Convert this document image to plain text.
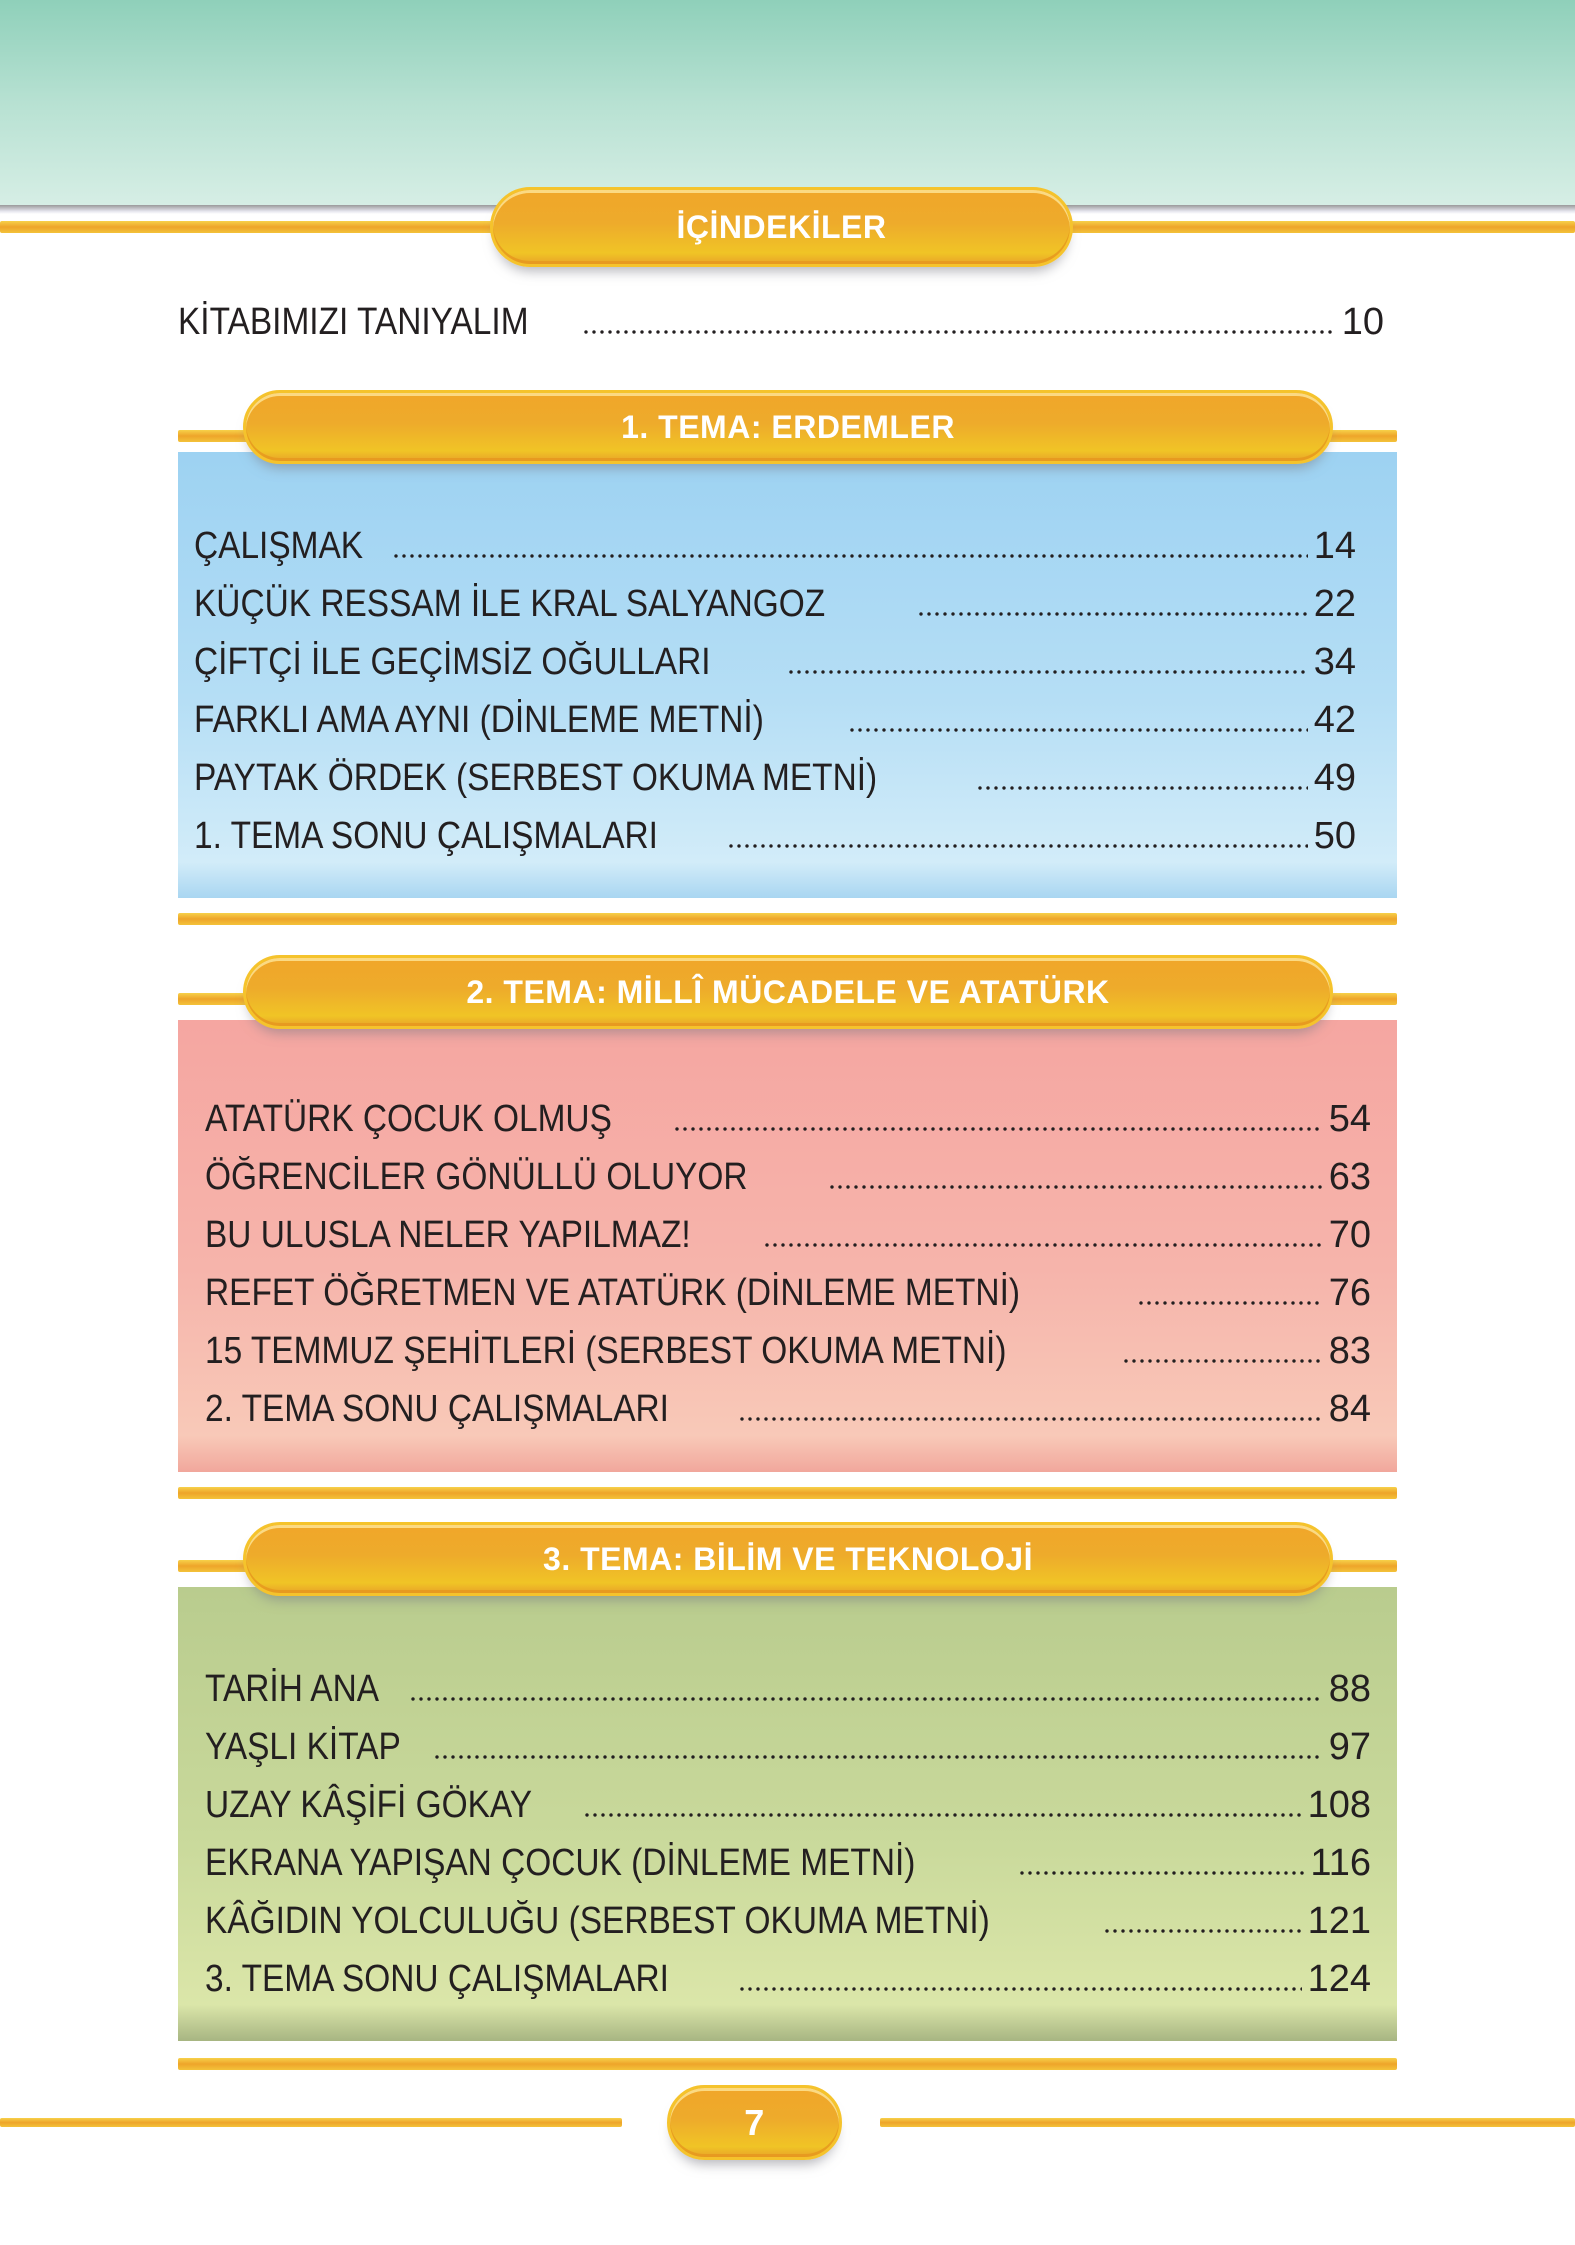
İÇİNDEKİLER
KİTABIMIZI TANIYALIM	10
1. TEMA: ERDEMLER
ÇALIŞMAK	14
KÜÇÜK RESSAM İLE KRAL SALYANGOZ	22
ÇİFTÇİ İLE GEÇİMSİZ OĞULLARI	34
FARKLI AMA AYNI (DİNLEME METNİ)	42
PAYTAK ÖRDEK (SERBEST OKUMA METNİ)	49
1. TEMA SONU ÇALIŞMALARI	50
2. TEMA: MİLLÎ MÜCADELE VE ATATÜRK
ATATÜRK ÇOCUK OLMUŞ	54
ÖĞRENCİLER GÖNÜLLÜ OLUYOR	63
BU ULUSLA NELER YAPILMAZ!	70
REFET ÖĞRETMEN VE ATATÜRK (DİNLEME METNİ)	76
15 TEMMUZ ŞEHİTLERİ (SERBEST OKUMA METNİ)	83
2. TEMA SONU ÇALIŞMALARI	84
3. TEMA: BİLİM VE TEKNOLOJİ
TARİH ANA	88
YAŞLI KİTAP	97
UZAY KÂŞİFİ GÖKAY	108
EKRANA YAPIŞAN ÇOCUK (DİNLEME METNİ)	116
KÂĞIDIN YOLCULUĞU (SERBEST OKUMA METNİ)	121
3. TEMA SONU ÇALIŞMALARI	124
7
